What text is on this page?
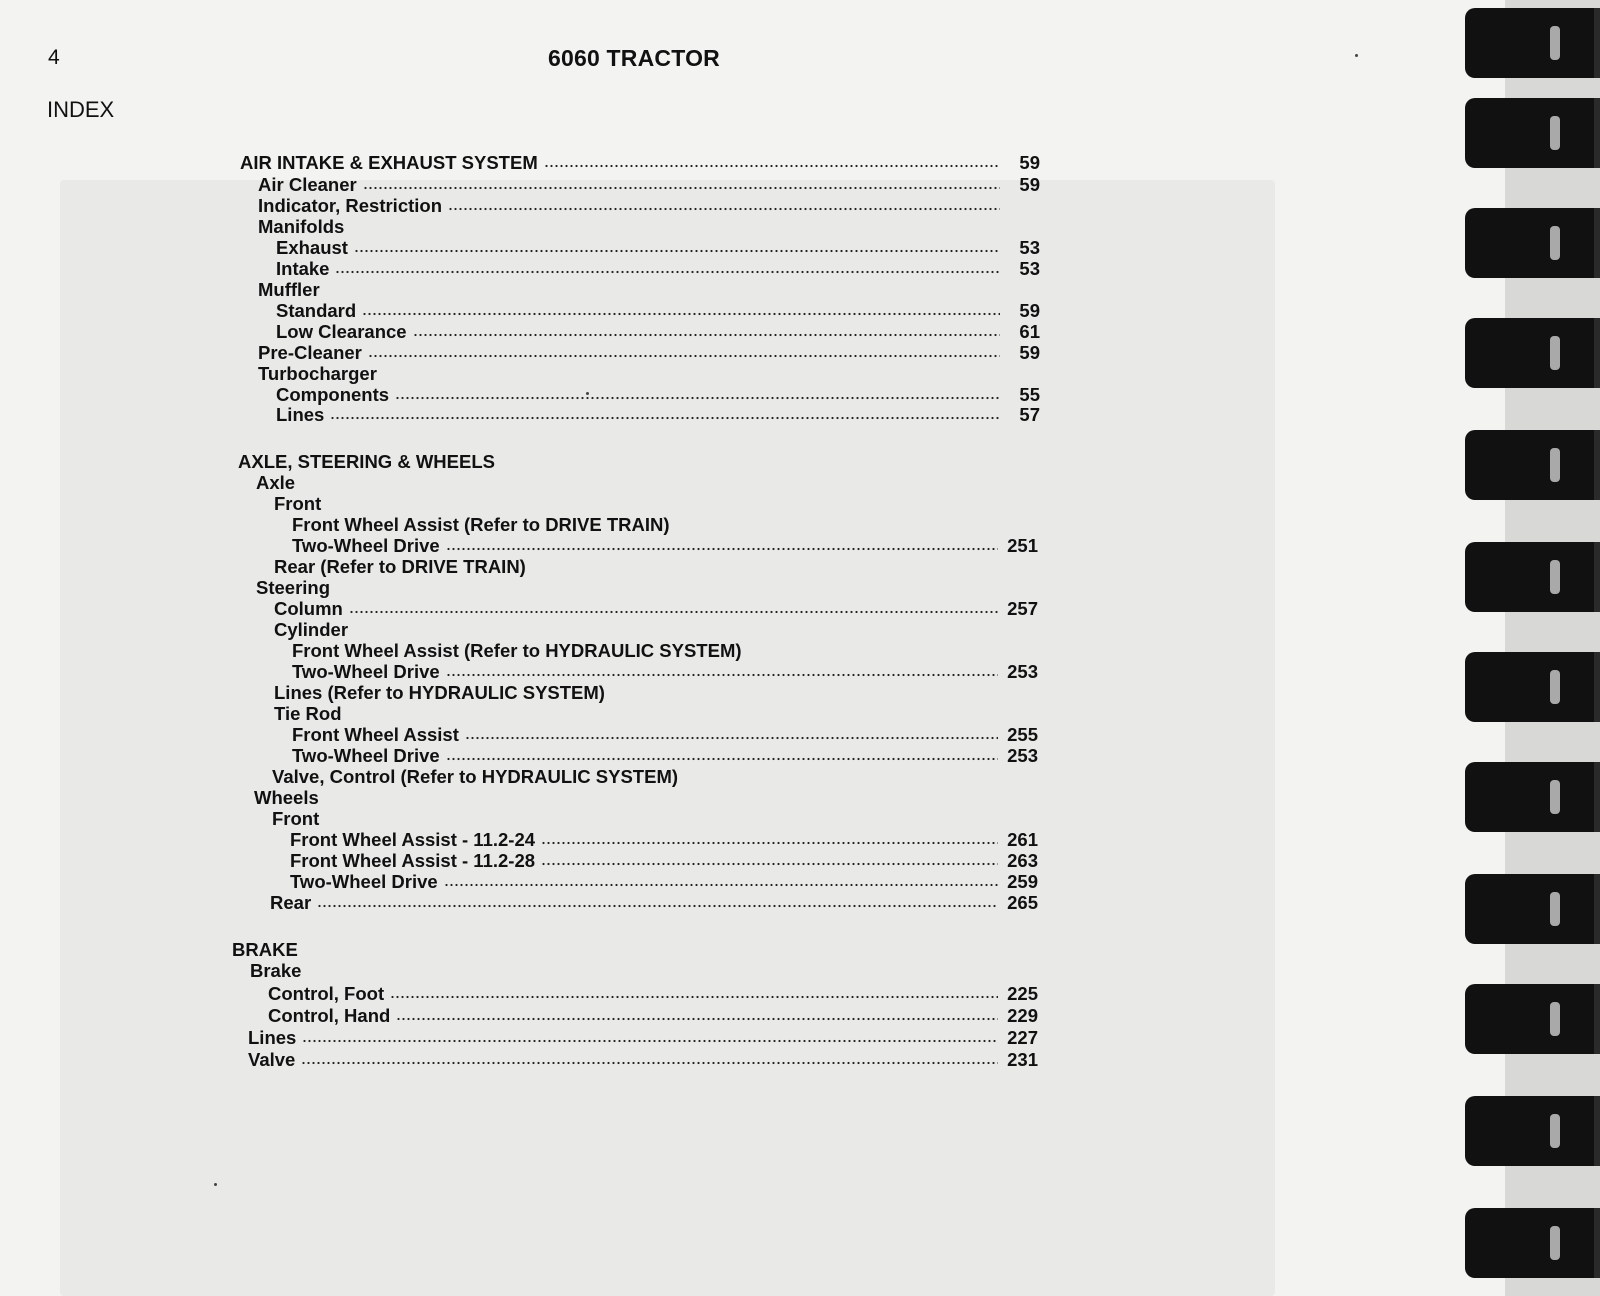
4	6060 TRACTOR
INDEX
AIR INTAKE & EXHAUST SYSTEM	59
Air Cleaner	59
Indicator, Restriction
Manifolds
Exhaust	53
Intake	53
Muffler
Standard	59
Low Clearance	61
Pre-Cleaner	59
Turbocharger
Components	55
Lines	57
AXLE, STEERING & WHEELS
Axle
Front
Front Wheel Assist (Refer to DRIVE TRAIN)
Two-Wheel Drive	251
Rear (Refer to DRIVE TRAIN)
Steering
Column	257
Cylinder
Front Wheel Assist (Refer to HYDRAULIC SYSTEM)
Two-Wheel Drive	253
Lines (Refer to HYDRAULIC SYSTEM)
Tie Rod
Front Wheel Assist	255
Two-Wheel Drive	253
Valve, Control (Refer to HYDRAULIC SYSTEM)
Wheels
Front
Front Wheel Assist - 11.2-24	261
Front Wheel Assist - 11.2-28	263
Two-Wheel Drive	259
Rear	265
BRAKE
Brake
Control, Foot	225
Control, Hand	229
Lines	227
Valve	231
